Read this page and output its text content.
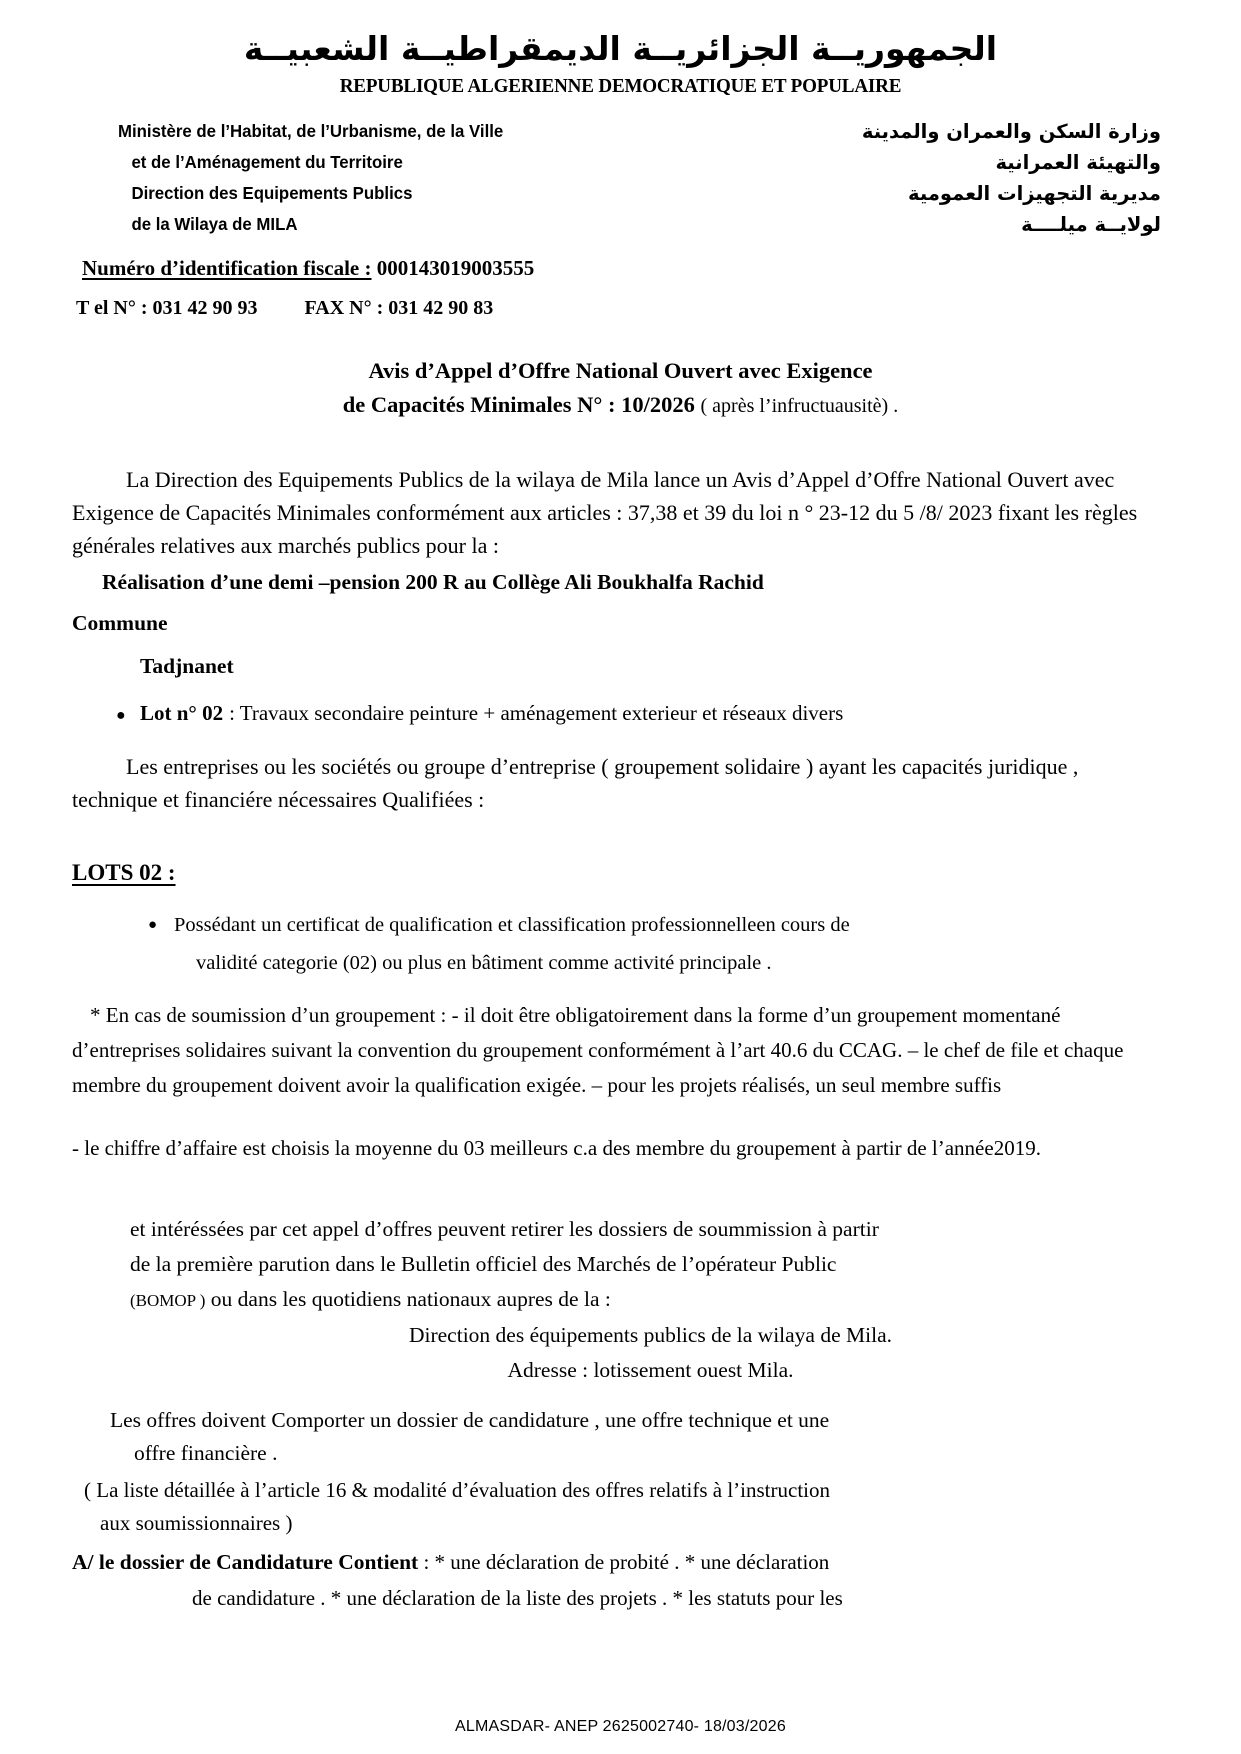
الجمهوريــة الجزائريــة الديمقراطيــة الشعبيــة
REPUBLIQUE ALGERIENNE DEMOCRATIQUE ET POPULAIRE
Ministère de l’Habitat, de l’Urbanisme, de la Ville
et de l’Aménagement du Territoire
Direction des Equipements Publics
de la Wilaya de MILA
وزارة السكن والعمران والمدينة
والتهيئة العمرانية
مديرية التجهيزات العمومية
لولايــة ميلــــة
Numéro d’identification fiscale : 000143019003555
T el N° : 031 42 90 93 FAX N° : 031 42 90 83
Avis d’Appel d’Offre National Ouvert avec Exigence
de Capacités Minimales N° : 10/2026 ( après l’infructuausitè) .
La Direction des Equipements Publics de la wilaya de Mila lance un Avis d’Appel d’Offre National Ouvert avec Exigence de Capacités Minimales conformément aux articles : 37,38 et 39 du loi n ° 23-12 du 5 /8/ 2023 fixant les règles générales relatives aux marchés publics pour la :
Réalisation d’une demi –pension 200 R au Collège Ali Boukhalfa Rachid
Commune
Tadjnanet
● Lot n° 02 : Travaux secondaire peinture + aménagement exterieur et réseaux divers
Les entreprises ou les sociétés ou groupe d’entreprise ( groupement solidaire ) ayant les capacités juridique , technique et financiére nécessaires Qualifiées :
LOTS 02 :
● Possédant un certificat de qualification et classification professionnelleen cours de
validité categorie (02) ou plus en bâtiment comme activité principale .
* En cas de soumission d’un groupement : - il doit être obligatoirement dans la forme d’un groupement momentané d’entreprises solidaires suivant la convention du groupement conformément à l’art 40.6 du CCAG. – le chef de file et chaque membre du groupement doivent avoir la qualification exigée. – pour les projets réalisés, un seul membre suffis
- le chiffre d’affaire est choisis la moyenne du 03 meilleurs c.a des membre du groupement à partir de l’année2019.
et intéréssées par cet appel d’offres peuvent retirer les dossiers de soummission à partir
de la première parution dans le Bulletin officiel des Marchés de l’opérateur Public
(BOMOP ) ou dans les quotidiens nationaux aupres de la :
Direction des équipements publics de la wilaya de Mila.
Adresse : lotissement ouest Mila.
Les offres doivent Comporter un dossier de candidature , une offre technique et une
offre financière .
( La liste détaillée à l’article 16 & modalité d’évaluation des offres relatifs à l’instruction
aux soumissionnaires )
A/ le dossier de Candidature Contient : * une déclaration de probité . * une déclaration
de candidature . * une déclaration de la liste des projets . * les statuts pour les
ALMASDAR- ANEP 2625002740- 18/03/2026
